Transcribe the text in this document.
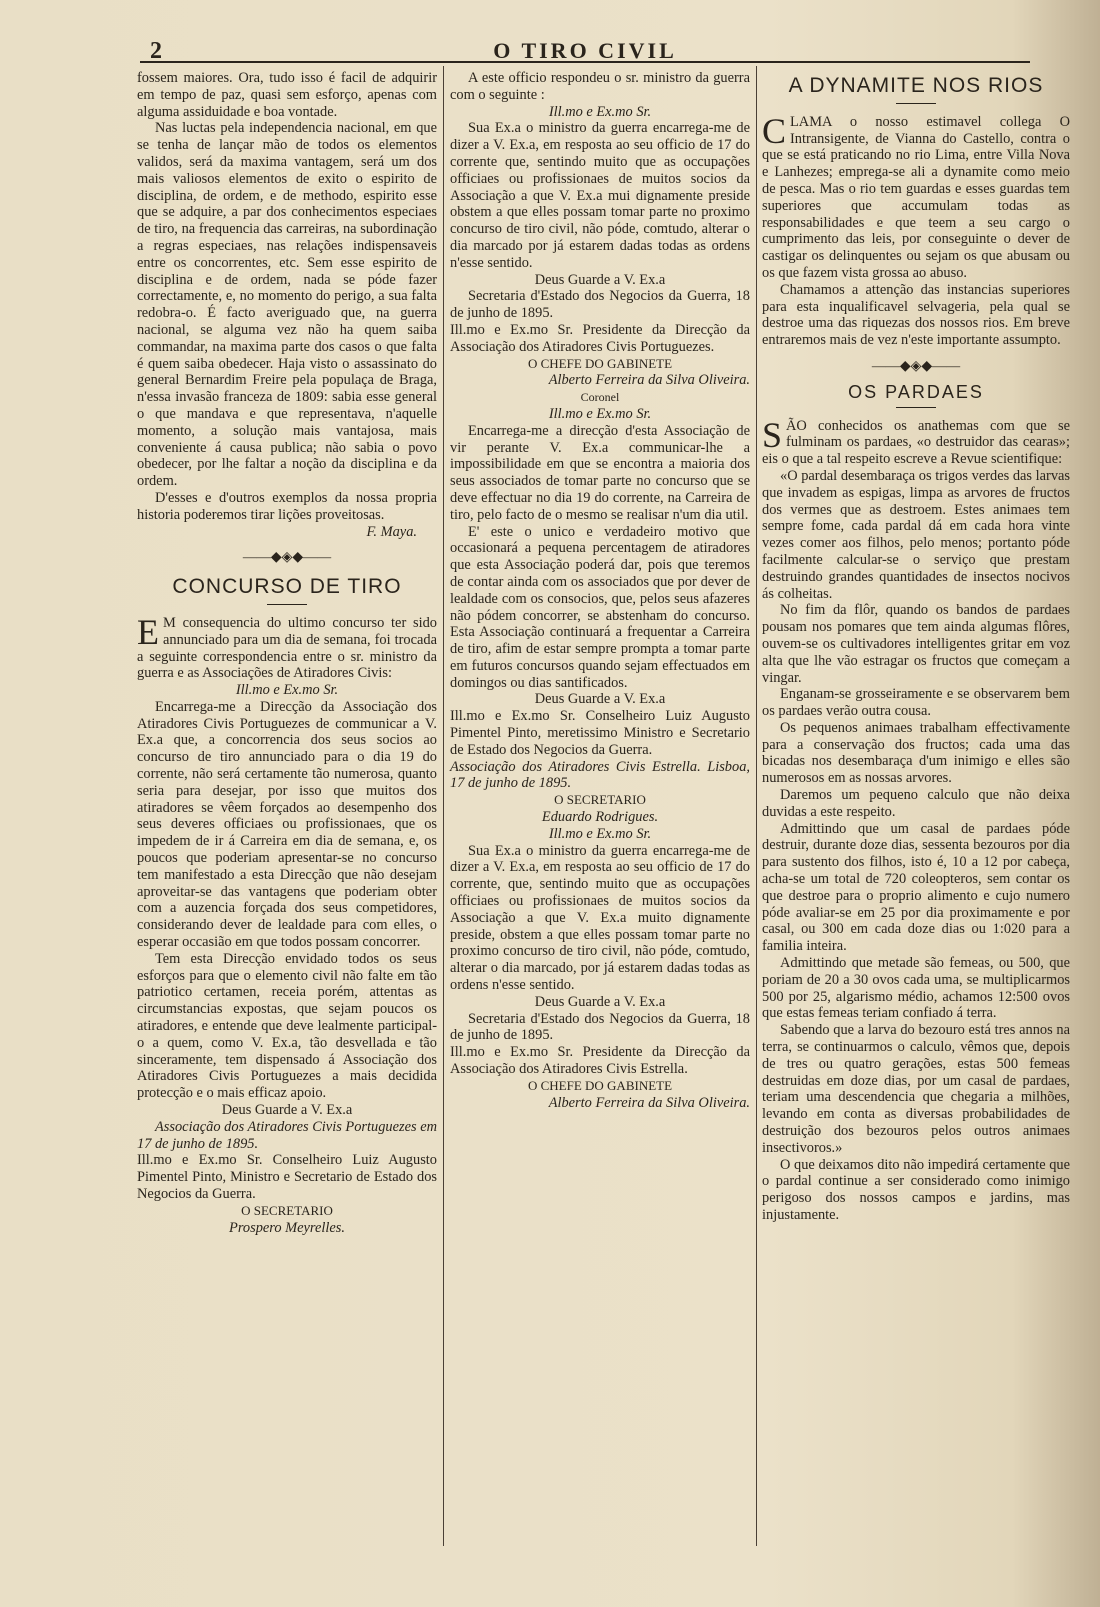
2	O TIRO CIVIL

fossem maiores. Ora, tudo isso é facil de adquirir em tempo de paz, quasi sem esforço, apenas com alguma assiduidade e boa vontade.

Nas luctas pela independencia nacional, em que se tenha de lançar mão de todos os elementos validos, será da maxima vantagem, será um dos mais valiosos elementos de exito o espirito de disciplina, de ordem, e de methodo, espirito esse que se adquire, a par dos conhecimentos especiaes de tiro, na frequencia das carreiras, na subordinação a regras especiaes, nas relações indispensaveis entre os concorrentes, etc. Sem esse espirito de disciplina e de ordem, nada se póde fazer correctamente, e, no momento do perigo, a sua falta redobra-o. É facto averiguado que, na guerra nacional, se alguma vez não ha quem saiba commandar, na maxima parte dos casos o que falta é quem saiba obedecer. Haja visto o assassinato do general Bernardim Freire pela populaça de Braga, n'essa invasão franceza de 1809: sabia esse general o que mandava e que representava, n'aquelle momento, a solução mais vantajosa, mais conveniente á causa publica; não sabia o povo obedecer, por lhe faltar a noção da disciplina e da ordem.

D'esses e d'outros exemplos da nossa propria historia poderemos tirar lições proveitosas.

F. Maya.
——◆◈◆——
CONCURSO DE TIRO

E M consequencia do ultimo concurso ter sido annunciado para um dia de semana, foi trocada a seguinte correspondencia entre o sr. ministro da guerra e as Associações de Atiradores Civis:

Ill.mo e Ex.mo Sr.

Encarrega-me a Direcção da Associação dos Atiradores Civis Portuguezes de communicar a V. Ex.a que, a concorrencia dos seus socios ao concurso de tiro annunciado para o dia 19 do corrente, não será certamente tão numerosa, quanto seria para desejar, por isso que muitos dos atiradores se vêem forçados ao desempenho dos seus deveres officiaes ou profissionaes, que os impedem de ir á Carreira em dia de semana, e, os poucos que poderiam apresentar-se no concurso tem manifestado a esta Direcção que não desejam aproveitar-se das vantagens que poderiam obter com a auzencia forçada dos seus competidores, considerando dever de lealdade para com elles, o esperar occasião em que todos possam concorrer.

Tem esta Direcção envidado todos os seus esforços para que o elemento civil não falte em tão patriotico certamen, receia porém, attentas as circumstancias expostas, que sejam poucos os atiradores, e entende que deve lealmente participal-o a quem, como V. Ex.a, tão desvellada e tão sinceramente, tem dispensado á Associação dos Atiradores Civis Portuguezes a mais decidida protecção e o mais efficaz apoio.

Deus Guarde a V. Ex.a

Associação dos Atiradores Civis Portuguezes em 17 de junho de 1895.

Ill.mo e Ex.mo Sr. Conselheiro Luiz Augusto Pimentel Pinto, Ministro e Secretario de Estado dos Negocios da Guerra.

O SECRETARIO

Prospero Meyrelles.

A este officio respondeu o sr. ministro da guerra com o seguinte :

Ill.mo e Ex.mo Sr.

Sua Ex.a o ministro da guerra encarrega-me de dizer a V. Ex.a, em resposta ao seu officio de 17 do corrente que, sentindo muito que as occupações officiaes ou profissionaes de muitos socios da Associação a que V. Ex.a mui dignamente preside obstem a que elles possam tomar parte no proximo concurso de tiro civil, não póde, comtudo, alterar o dia marcado por já estarem dadas todas as ordens n'esse sentido.

Deus Guarde a V. Ex.a

Secretaria d'Estado dos Negocios da Guerra, 18 de junho de 1895.

Ill.mo e Ex.mo Sr. Presidente da Direcção da Associação dos Atiradores Civis Portuguezes.

O CHEFE DO GABINETE

Alberto Ferreira da Silva Oliveira.

Coronel

Ill.mo e Ex.mo Sr.

Encarrega-me a direcção d'esta Associação de vir perante V. Ex.a communicar-lhe a impossibilidade em que se encontra a maioria dos seus associados de tomar parte no concurso que se deve effectuar no dia 19 do corrente, na Carreira de tiro, pelo facto de o mesmo se realisar n'um dia util.

E' este o unico e verdadeiro motivo que occasionará a pequena percentagem de atiradores que esta Associação poderá dar, pois que teremos de contar ainda com os associados que por dever de lealdade com os consocios, que, pelos seus afazeres não pódem concorrer, se abstenham do concurso. Esta Associação continuará a frequentar a Carreira de tiro, afim de estar sempre prompta a tomar parte em futuros concursos quando sejam effectuados em domingos ou dias santificados.

Deus Guarde a V. Ex.a

Ill.mo e Ex.mo Sr. Conselheiro Luiz Augusto Pimentel Pinto, meretissimo Ministro e Secretario de Estado dos Negocios da Guerra.

Associação dos Atiradores Civis Estrella. Lisboa, 17 de junho de 1895.

O SECRETARIO

Eduardo Rodrigues.

Ill.mo e Ex.mo Sr.

Sua Ex.a o ministro da guerra encarrega-me de dizer a V. Ex.a, em resposta ao seu officio de 17 do corrente, que, sentindo muito que as occupações officiaes ou profissionaes de muitos socios da Associação a que V. Ex.a muito dignamente preside, obstem a que elles possam tomar parte no proximo concurso de tiro civil, não póde, comtudo, alterar o dia marcado, por já estarem dadas todas as ordens n'esse sentido.

Deus Guarde a V. Ex.a

Secretaria d'Estado dos Negocios da Guerra, 18 de junho de 1895.

Ill.mo e Ex.mo Sr. Presidente da Direcção da Associação dos Atiradores Civis Estrella.

O CHEFE DO GABINETE

Alberto Ferreira da Silva Oliveira.

A DYNAMITE NOS RIOS

CLAMA o nosso estimavel collega O Intransigente, de Vianna do Castello, contra o que se está praticando no rio Lima, entre Villa Nova e Lanhezes; emprega-se ali a dynamite como meio de pesca. Mas o rio tem guardas e esses guardas tem superiores que accumulam todas as responsabilidades e que teem a seu cargo o cumprimento das leis, por conseguinte o dever de castigar os delinquentes ou sejam os que abusam ou os que fazem vista grossa ao abuso.

Chamamos a attenção das instancias superiores para esta inqualificavel selvageria, pela qual se destroe uma das riquezas dos nossos rios. Em breve entraremos mais de vez n'este importante assumpto.

——◆◈◆——
OS PARDAES

SÃO conhecidos os anathemas com que se fulminam os pardaes, «o destruidor das cearas»; eis o que a tal respeito escreve a Revue scientifique:

«O pardal desembaraça os trigos verdes das larvas que invadem as espigas, limpa as arvores de fructos dos vermes que as destroem. Estes animaes tem sempre fome, cada pardal dá em cada hora vinte vezes comer aos filhos, pelo menos; portanto póde facilmente calcular-se o serviço que prestam destruindo grandes quantidades de insectos nocivos ás colheitas.

No fim da flôr, quando os bandos de pardaes pousam nos pomares que tem ainda algumas flôres, ouvem-se os cultivadores intelligentes gritar em voz alta que lhe vão estragar os fructos que começam a vingar.

Enganam-se grosseiramente e se observarem bem os pardaes verão outra cousa.

Os pequenos animaes trabalham effectivamente para a conservação dos fructos; cada uma das bicadas nos desembaraça d'um inimigo e elles são numerosos em as nossas arvores.

Daremos um pequeno calculo que não deixa duvidas a este respeito.

Admittindo que um casal de pardaes póde destruir, durante doze dias, sessenta bezouros por dia para sustento dos filhos, isto é, 10 a 12 por cabeça, acha-se um total de 720 coleopteros, sem contar os que destroe para o proprio alimento e cujo numero póde avaliar-se em 25 por dia proximamente e por casal, ou 300 em cada doze dias ou 1:020 para a familia inteira.

Admittindo que metade são femeas, ou 500, que poriam de 20 a 30 ovos cada uma, se multiplicarmos 500 por 25, algarismo médio, achamos 12:500 ovos que estas femeas teriam confiado á terra.

Sabendo que a larva do bezouro está tres annos na terra, se continuarmos o calculo, vêmos que, depois de tres ou quatro gerações, estas 500 femeas destruidas em doze dias, por um casal de pardaes, teriam uma descendencia que chegaria a milhões, levando em conta as diversas probabilidades de destruição dos bezouros pelos outros animaes insectivoros.»

O que deixamos dito não impedirá certamente que o pardal continue a ser considerado como inimigo perigoso dos nossos campos e jardins, mas injustamente.
